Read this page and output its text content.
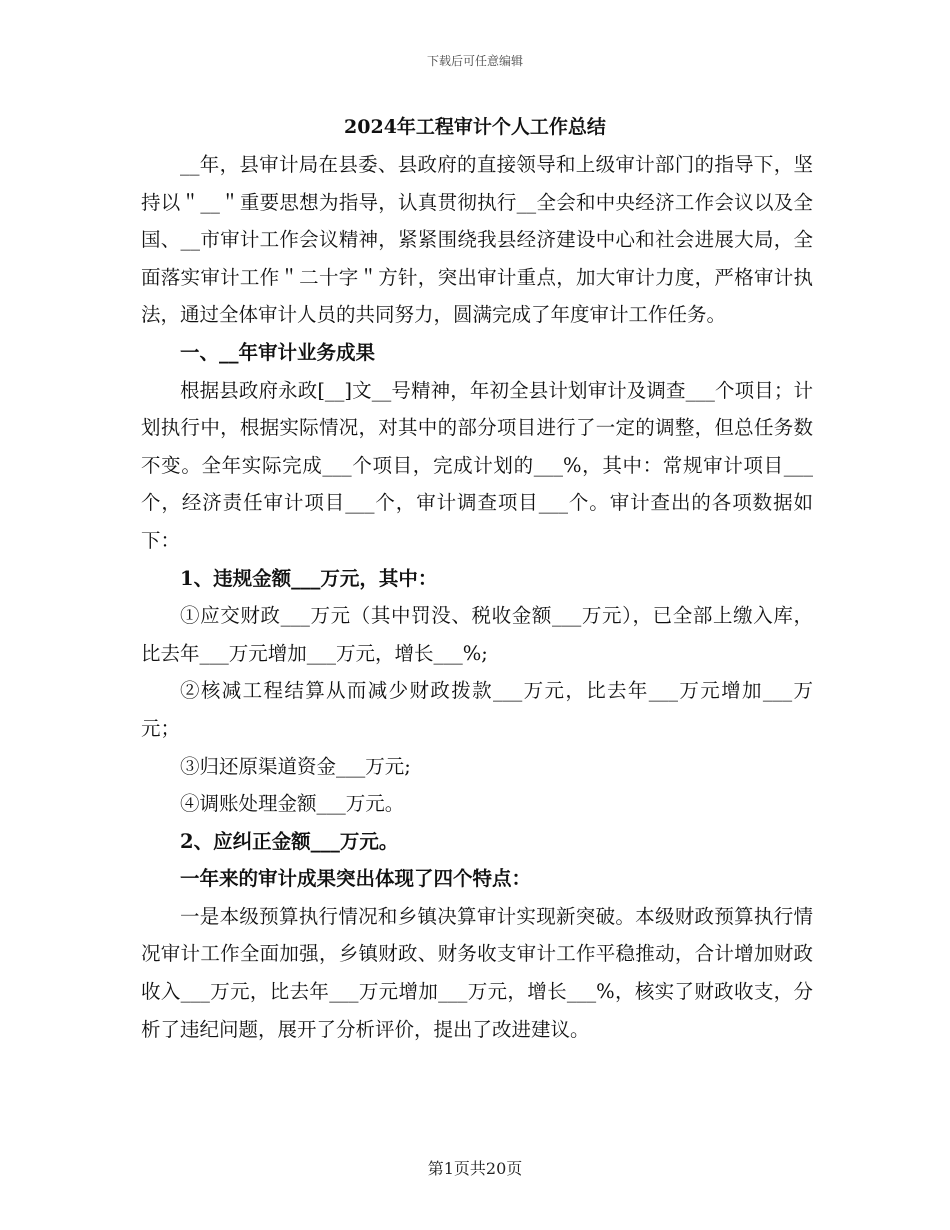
下载后可任意编辑
2024年工程审计个人工作总结

__年，县审计局在县委、县政府的直接领导和上级审计部门的指导下，坚持以＂__＂重要思想为指导，认真贯彻执行__全会和中央经济工作会议以及全国、__市审计工作会议精神，紧紧围绕我县经济建设中心和社会进展大局，全面落实审计工作＂二十字＂方针，突出审计重点，加大审计力度，严格审计执法，通过全体审计人员的共同努力，圆满完成了年度审计工作任务。

一、__年审计业务成果

根据县政府永政[__]文__号精神，年初全县计划审计及调查___个项目；计划执行中，根据实际情况，对其中的部分项目进行了一定的调整，但总任务数不变。全年实际完成___个项目，完成计划的___%，其中：常规审计项目___个，经济责任审计项目___个，审计调查项目___个。审计查出的各项数据如下：

1、违规金额___万元，其中：

①应交财政___万元（其中罚没、税收金额___万元），已全部上缴入库，比去年___万元增加___万元，增长___%;

②核减工程结算从而减少财政拨款___万元，比去年___万元增加___万元；

③归还原渠道资金___万元;

④调账处理金额___万元。

2、应纠正金额___万元。

一年来的审计成果突出体现了四个特点：

一是本级预算执行情况和乡镇决算审计实现新突破。本级财政预算执行情况审计工作全面加强，乡镇财政、财务收支审计工作平稳推动，合计增加财政收入___万元，比去年___万元增加___万元，增长___%，核实了财政收支，分析了违纪问题，展开了分析评价，提出了改进建议。

第1页共20页
